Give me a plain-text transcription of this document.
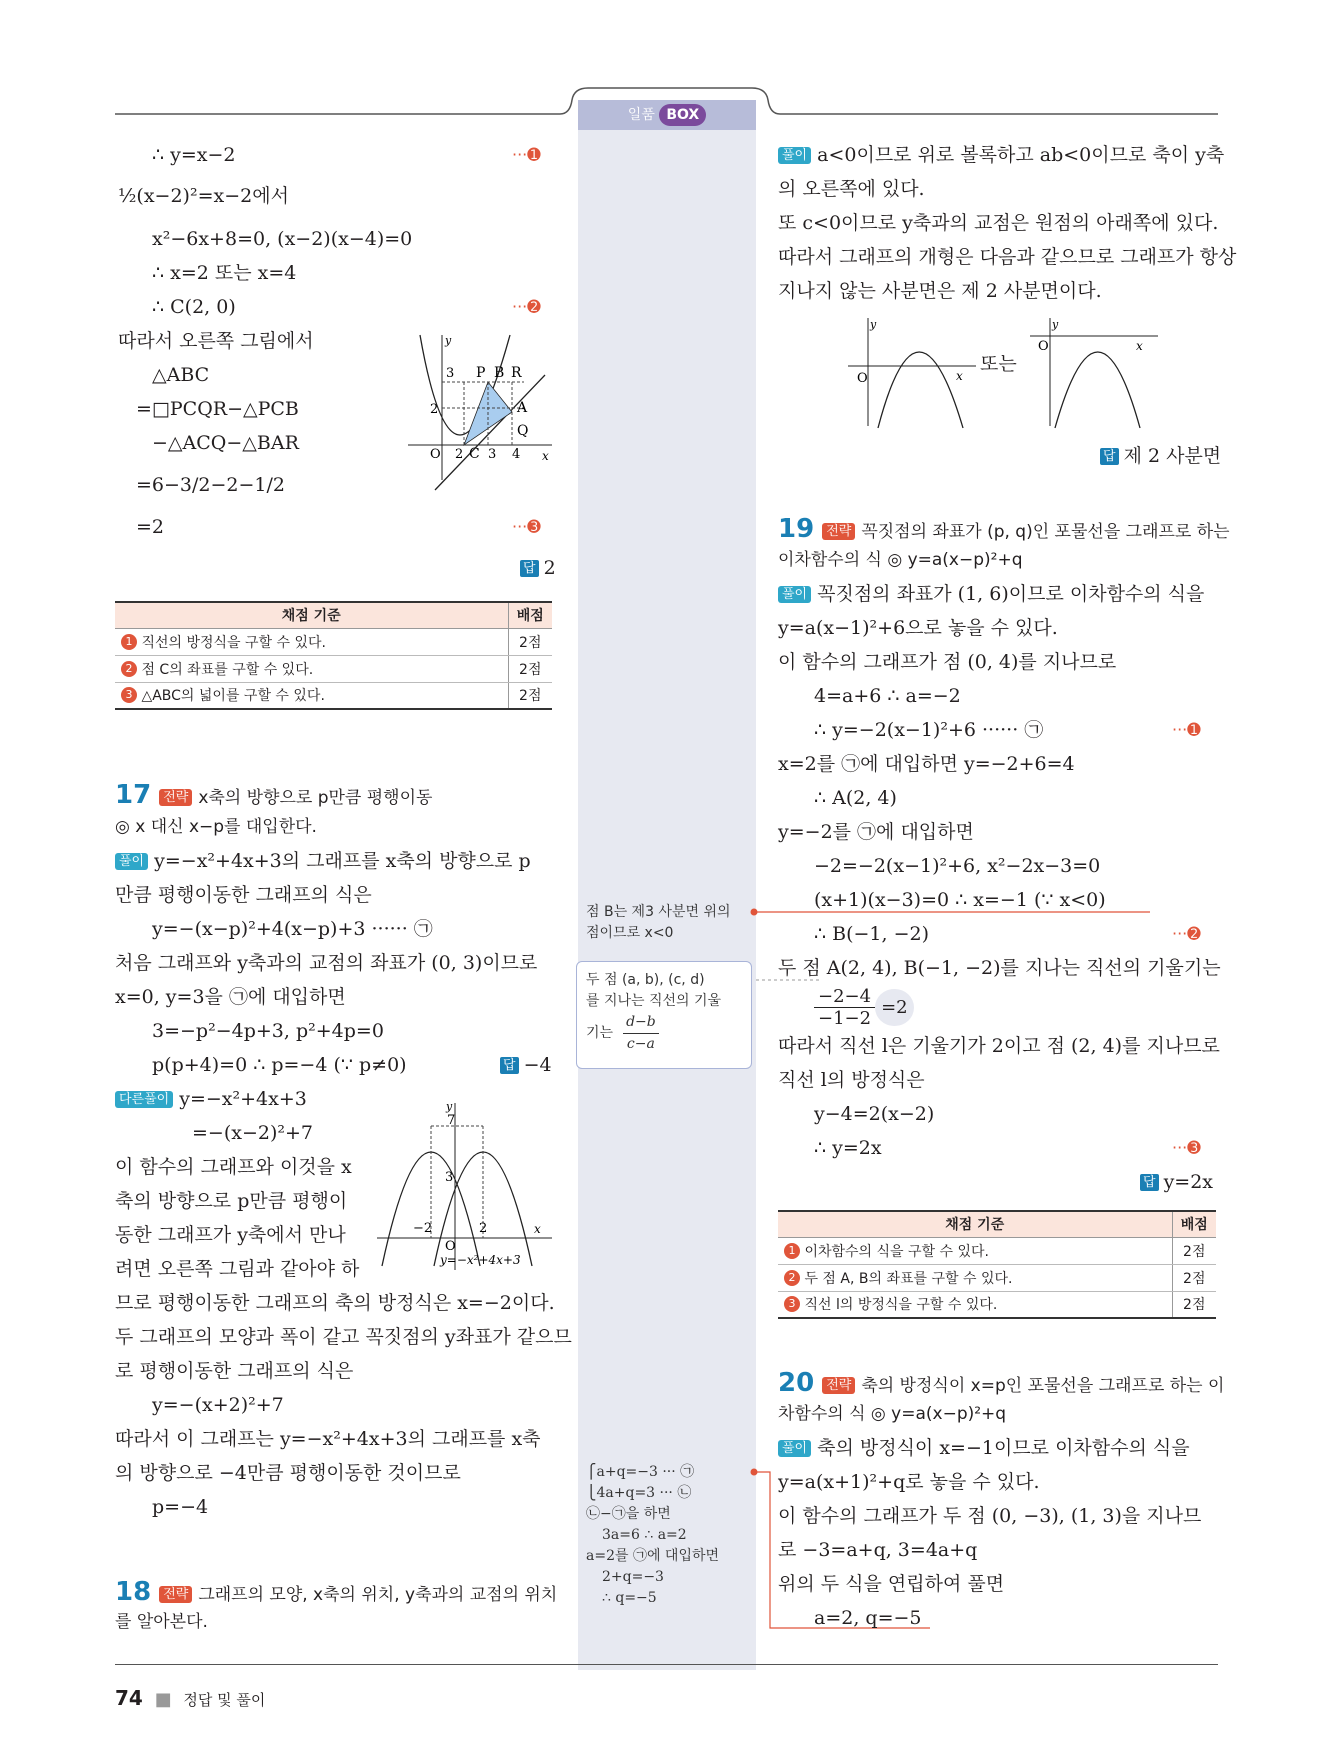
일품 BOX
∴ y=x−2	···➊
½(x−2)²=x−2에서
x²−6x+8=0, (x−2)(x−4)=0
∴ x=2 또는 x=4
∴ C(2, 0)	···➋
따라서 오른쪽 그림에서
△ABC
=□PCQR−△PCB
−△ACQ−△BAR
=6−3/2−2−1/2
=2	···➌
답 2
y
x
O
3
2
2 3 4
P B R
A
Q
C
채점 기준	배점
1 직선의 방정식을 구할 수 있다.	2점
2 점 C의 좌표를 구할 수 있다.	2점
3 △ABC의 넓이를 구할 수 있다.	2점
17 전략 x축의 방향으로 p만큼 평행이동
◎ x 대신 x−p를 대입한다.
풀이 y=−x²+4x+3의 그래프를 x축의 방향으로 p
만큼 평행이동한 그래프의 식은
y=−(x−p)²+4(x−p)+3 ······ ㉠
처음 그래프와 y축과의 교점의 좌표가 (0, 3)이므로
x=0, y=3을 ㉠에 대입하면
3=−p²−4p+3, p²+4p=0
p(p+4)=0 ∴ p=−4 (∵ p≠0)	답 −4
다른풀이 y=−x²+4x+3
=−(x−2)²+7
이 함수의 그래프와 이것을 x
축의 방향으로 p만큼 평행이
동한 그래프가 y축에서 만나
려면 오른쪽 그림과 같아야 하
므로 평행이동한 그래프의 축의 방정식은 x=−2이다.
두 그래프의 모양과 폭이 같고 꼭짓점의 y좌표가 같으므
로 평행이동한 그래프의 식은
y=−(x+2)²+7
따라서 이 그래프는 y=−x²+4x+3의 그래프를 x축
의 방향으로 −4만큼 평행이동한 것이므로
p=−4
y
x
O
7
3
−2	2
y=−x²+4x+3
18 전략 그래프의 모양, x축의 위치, y축과의 교점의 위치
를 알아본다.
점 B는 제3 사분면 위의
점이므로 x<0
두 점 (a, b), (c, d)
를 지나는 직선의 기울
기는 $\frac{d-b}{c-a}$
⎧a+q=−3 ··· ㉠
⎩4a+q=3 ··· ㉡
㉡−㉠을 하면
3a=6 ∴ a=2
a=2를 ㉠에 대입하면
2+q=−3
∴ q=−5
풀이 a<0이므로 위로 볼록하고 ab<0이므로 축이 y축
의 오른쪽에 있다.
또 c<0이므로 y축과의 교점은 원점의 아래쪽에 있다.
따라서 그래프의 개형은 다음과 같으므로 그래프가 항상
지나지 않는 사분면은 제 2 사분면이다.
y
O	x
또는
y
O	x
답 제 2 사분면
19 전략 꼭짓점의 좌표가 (p, q)인 포물선을 그래프로 하는
이차함수의 식 ◎ y=a(x−p)²+q
풀이 꼭짓점의 좌표가 (1, 6)이므로 이차함수의 식을
y=a(x−1)²+6으로 놓을 수 있다.
이 함수의 그래프가 점 (0, 4)를 지나므로
4=a+6 ∴ a=−2
∴ y=−2(x−1)²+6 ······ ㉠	···➊
x=2를 ㉠에 대입하면 y=−2+6=4
∴ A(2, 4)
y=−2를 ㉠에 대입하면
−2=−2(x−1)²+6, x²−2x−3=0
(x+1)(x−3)=0 ∴ x=−1 (∵ x<0)
∴ B(−1, −2)	···➋
두 점 A(2, 4), B(−1, −2)를 지나는 직선의 기울기는
$\frac{-2-4}{-1-2} =2$
따라서 직선 l은 기울기가 2이고 점 (2, 4)를 지나므로
직선 l의 방정식은
y−4=2(x−2)
∴ y=2x	···➌
답 y=2x
채점 기준	배점
1 이차함수의 식을 구할 수 있다.	2점
2 두 점 A, B의 좌표를 구할 수 있다.	2점
3 직선 l의 방정식을 구할 수 있다.	2점
20 전략 축의 방정식이 x=p인 포물선을 그래프로 하는 이
차함수의 식 ◎ y=a(x−p)²+q
풀이 축의 방정식이 x=−1이므로 이차함수의 식을
y=a(x+1)²+q로 놓을 수 있다.
이 함수의 그래프가 두 점 (0, −3), (1, 3)을 지나므
로 −3=a+q, 3=4a+q
위의 두 식을 연립하여 풀면
a=2, q=−5
74 ■ 정답 및 풀이
